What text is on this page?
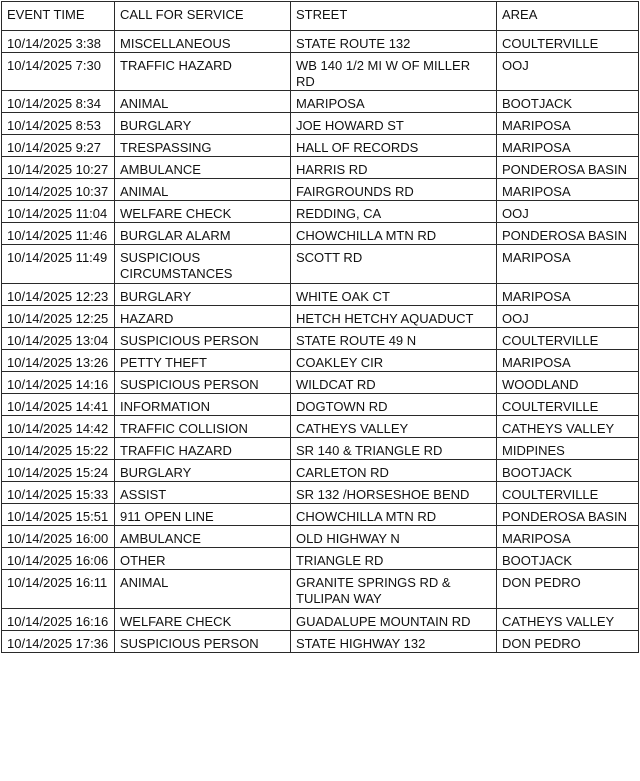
EVENT TIME	CALL FOR SERVICE	STREET	AREA
10/14/2025 3:38	MISCELLANEOUS	STATE ROUTE 132	COULTERVILLE
10/14/2025 7:30	TRAFFIC HAZARD	WB 140 1/2 MI W OF MILLER RD	OOJ
10/14/2025 8:34	ANIMAL	MARIPOSA	BOOTJACK
10/14/2025 8:53	BURGLARY	JOE HOWARD ST	MARIPOSA
10/14/2025 9:27	TRESPASSING	HALL OF RECORDS	MARIPOSA
10/14/2025 10:27	AMBULANCE	HARRIS RD	PONDEROSA BASIN
10/14/2025 10:37	ANIMAL	FAIRGROUNDS RD	MARIPOSA
10/14/2025 11:04	WELFARE CHECK	REDDING, CA	OOJ
10/14/2025 11:46	BURGLAR ALARM	CHOWCHILLA MTN RD	PONDEROSA BASIN
10/14/2025 11:49	SUSPICIOUS CIRCUMSTANCES	SCOTT RD	MARIPOSA
10/14/2025 12:23	BURGLARY	WHITE OAK CT	MARIPOSA
10/14/2025 12:25	HAZARD	HETCH HETCHY AQUADUCT	OOJ
10/14/2025 13:04	SUSPICIOUS PERSON	STATE ROUTE 49 N	COULTERVILLE
10/14/2025 13:26	PETTY THEFT	COAKLEY CIR	MARIPOSA
10/14/2025 14:16	SUSPICIOUS PERSON	WILDCAT RD	WOODLAND
10/14/2025 14:41	INFORMATION	DOGTOWN RD	COULTERVILLE
10/14/2025 14:42	TRAFFIC COLLISION	CATHEYS VALLEY	CATHEYS VALLEY
10/14/2025 15:22	TRAFFIC HAZARD	SR 140 & TRIANGLE RD	MIDPINES
10/14/2025 15:24	BURGLARY	CARLETON RD	BOOTJACK
10/14/2025 15:33	ASSIST	SR 132 /HORSESHOE BEND	COULTERVILLE
10/14/2025 15:51	911 OPEN LINE	CHOWCHILLA MTN RD	PONDEROSA BASIN
10/14/2025 16:00	AMBULANCE	OLD HIGHWAY N	MARIPOSA
10/14/2025 16:06	OTHER	TRIANGLE RD	BOOTJACK
10/14/2025 16:11	ANIMAL	GRANITE SPRINGS RD & TULIPAN WAY	DON PEDRO
10/14/2025 16:16	WELFARE CHECK	GUADALUPE MOUNTAIN RD	CATHEYS VALLEY
10/14/2025 17:36	SUSPICIOUS PERSON	STATE HIGHWAY 132	DON PEDRO
